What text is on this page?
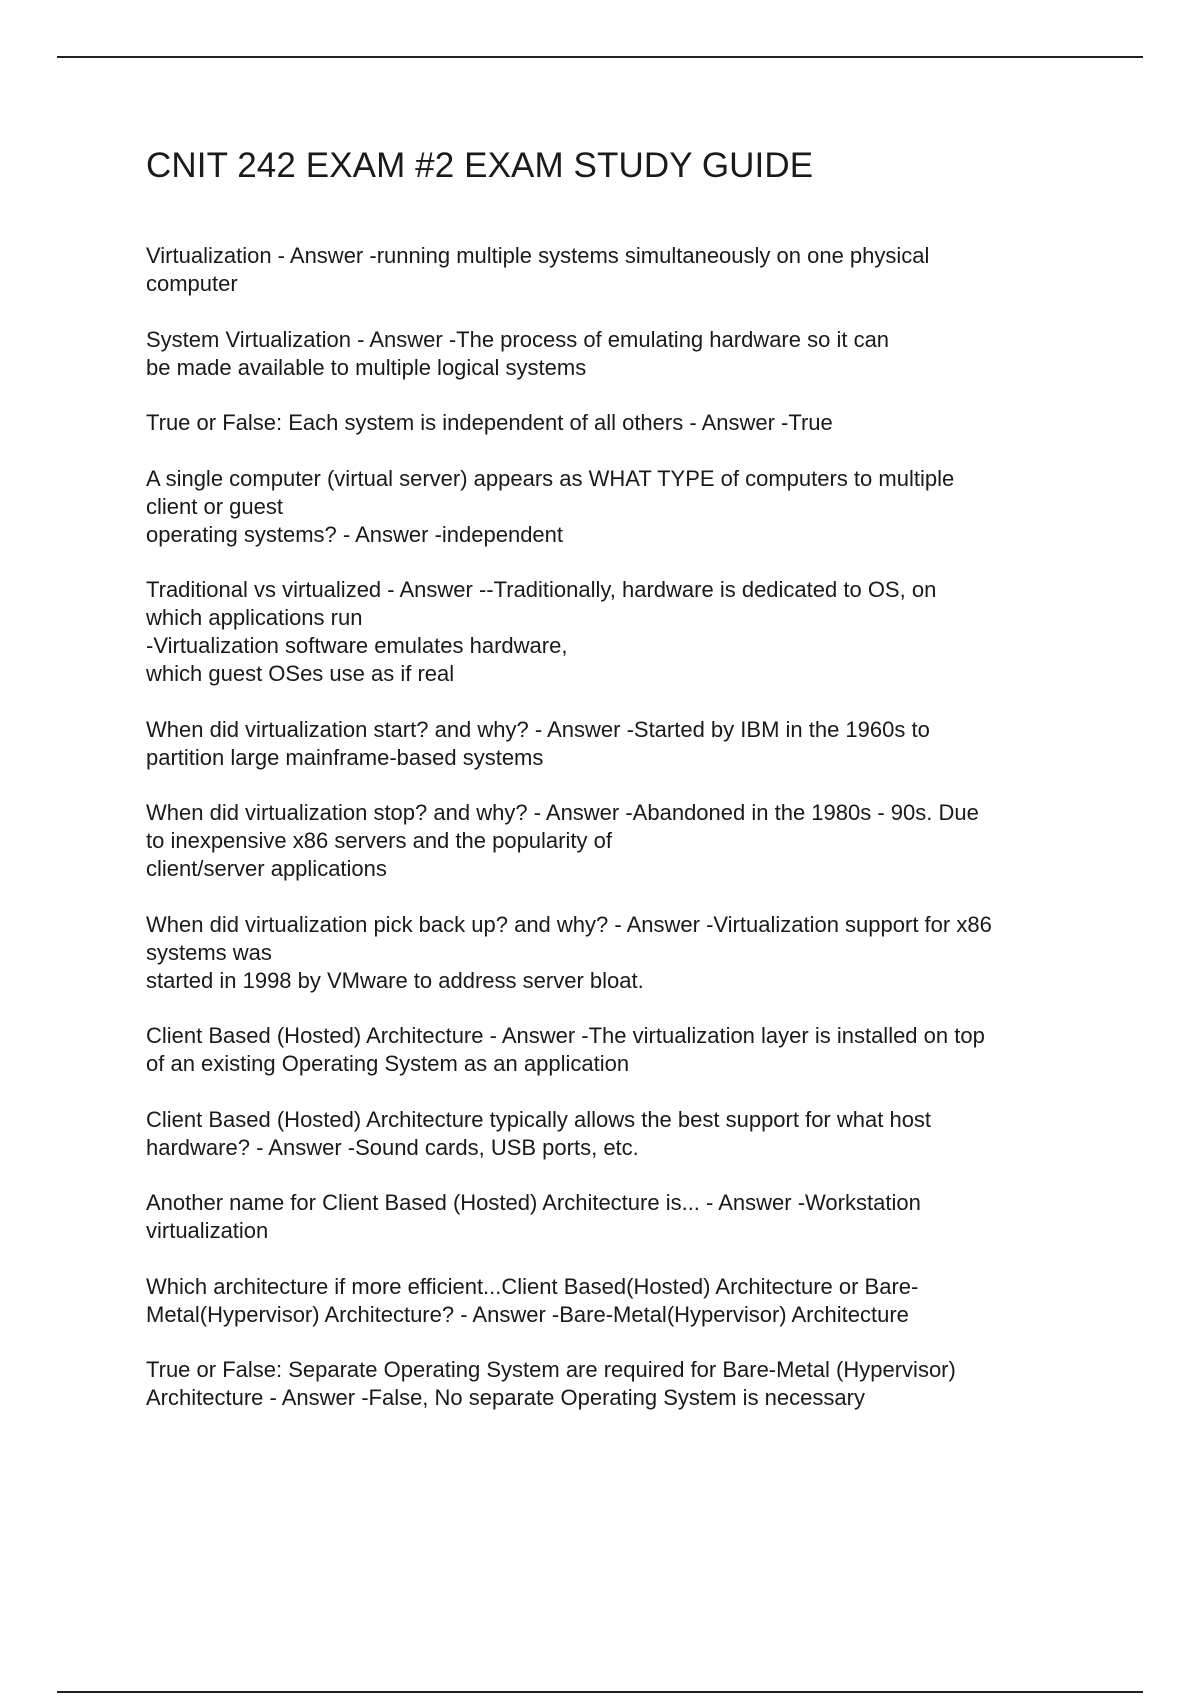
CNIT 242 EXAM #2 EXAM STUDY GUIDE
Virtualization - Answer -running multiple systems simultaneously on one physical
computer
System Virtualization - Answer -The process of emulating hardware so it can
be made available to multiple logical systems
True or False: Each system is independent of all others - Answer -True
A single computer (virtual server) appears as WHAT TYPE of computers to multiple
client or guest
operating systems? - Answer -independent
Traditional vs virtualized - Answer --Traditionally, hardware is dedicated to OS, on
which applications run
-Virtualization software emulates hardware,
which guest OSes use as if real
When did virtualization start? and why? - Answer -Started by IBM in the 1960s to
partition large mainframe-based systems
When did virtualization stop? and why? - Answer -Abandoned in the 1980s - 90s. Due
to inexpensive x86 servers and the popularity of
client/server applications
When did virtualization pick back up? and why? - Answer -Virtualization support for x86
systems was
started in 1998 by VMware to address server bloat.
Client Based (Hosted) Architecture - Answer -The virtualization layer is installed on top
of an existing Operating System as an application
Client Based (Hosted) Architecture typically allows the best support for what host
hardware? - Answer -Sound cards, USB ports, etc.
Another name for Client Based (Hosted) Architecture is... - Answer -Workstation
virtualization
Which architecture if more efficient...Client Based(Hosted) Architecture or Bare-
Metal(Hypervisor) Architecture? - Answer -Bare-Metal(Hypervisor) Architecture
True or False: Separate Operating System are required for Bare-Metal (Hypervisor)
Architecture - Answer -False, No separate Operating System is necessary
